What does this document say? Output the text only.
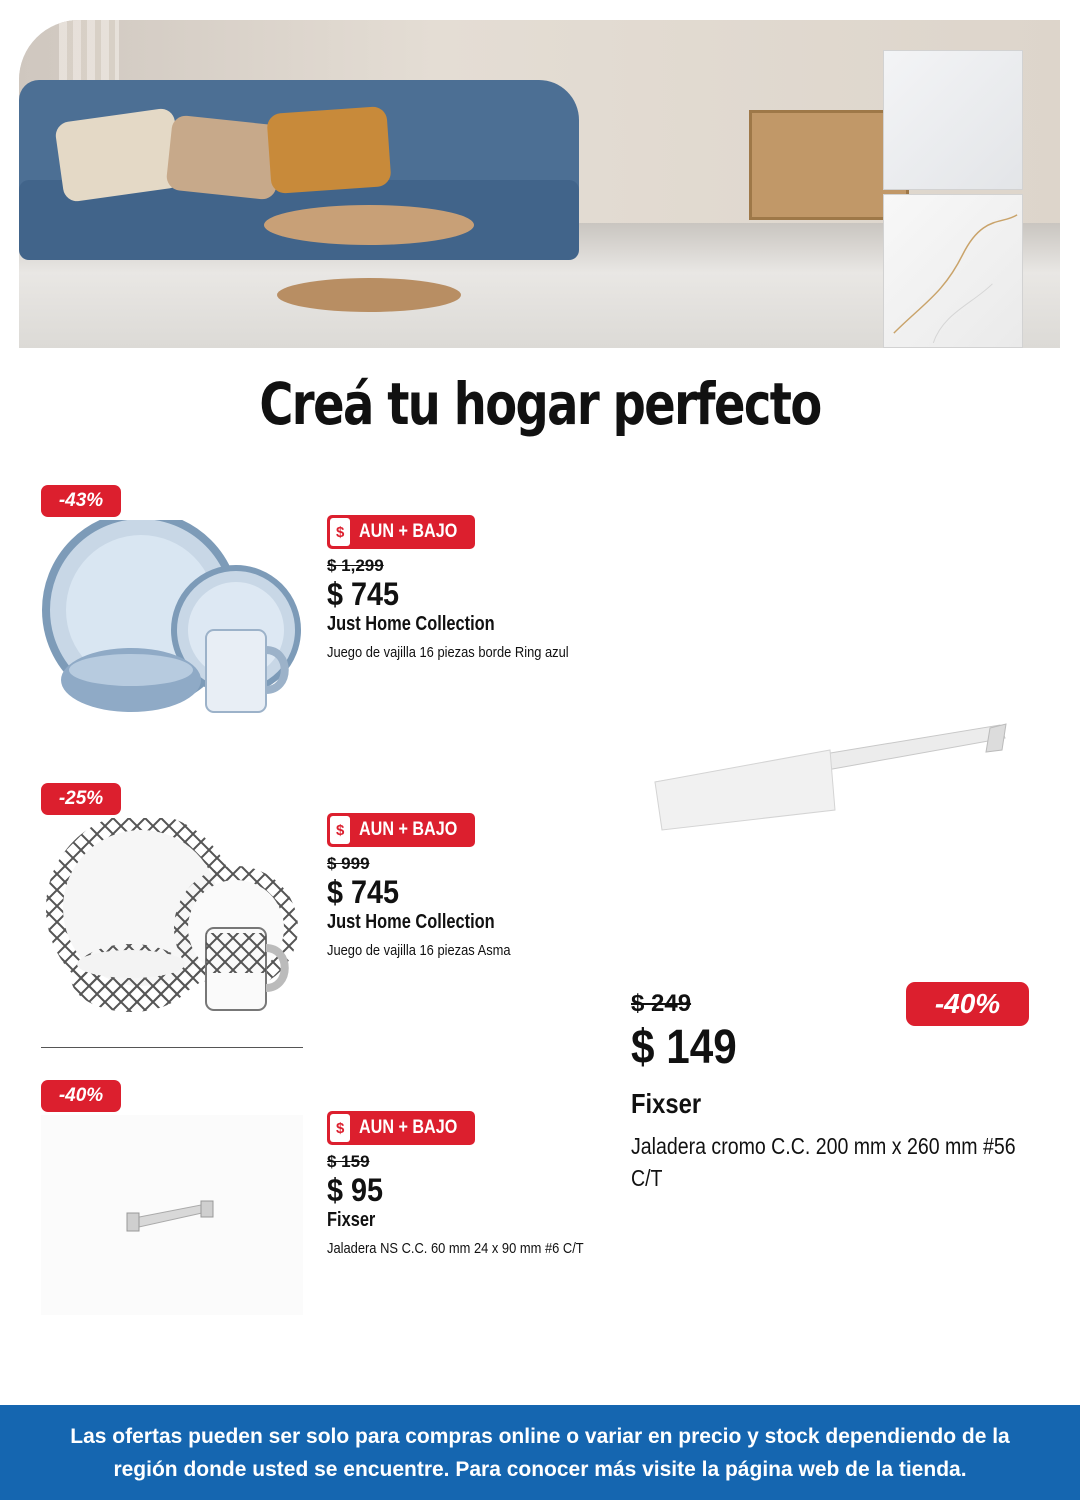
Creá tu hogar perfecto
-43%
$ AUN + BAJO
$ 1,299
$ 745
Just Home Collection
Juego de vajilla 16 piezas borde Ring azul
-25%
$ AUN + BAJO
$ 999
$ 745
Just Home Collection
Juego de vajilla 16 piezas Asma
-40%
$ AUN + BAJO
$ 159
$ 95
Fixser
Jaladera NS C.C. 60 mm 24 x 90 mm #6 C/T
$ 249
$ 149
-40%
Fixser
Jaladera cromo C.C. 200 mm x 260 mm #56 C/T
Las ofertas pueden ser solo para compras online o variar en precio y stock dependiendo de la región donde usted se encuentre. Para conocer más visite la página web de la tienda.
